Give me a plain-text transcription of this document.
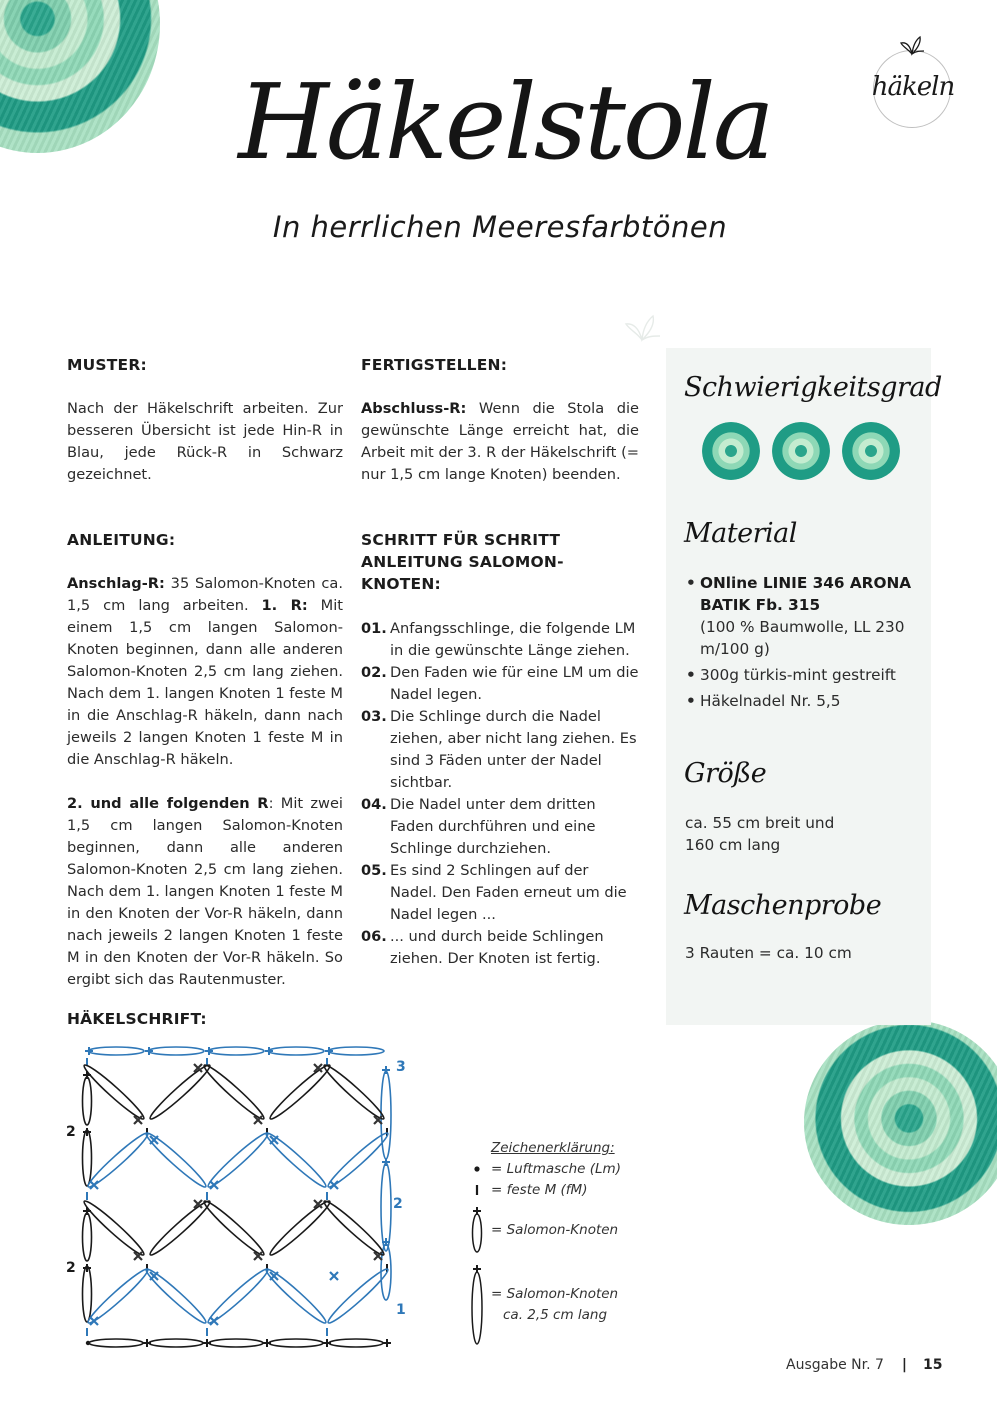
häkeln
Häkelstola
In herrlichen Meeresfarbtönen
MUSTER:

Nach der Häkelschrift arbeiten. Zur besseren Übersicht ist jede Hin-R in Blau, jede Rück-R in Schwarz gezeichnet.

ANLEITUNG:

Anschlag-R: 35 Salomon-Knoten ca. 1,5 cm lang arbeiten. 1. R: Mit einem 1,5 cm langen Salomon-Knoten beginnen, dann alle anderen Salomon-Knoten 2,5 cm lang ziehen. Nach dem 1. langen Knoten 1 feste M in die Anschlag-R häkeln, dann nach jeweils 2 langen Knoten 1 feste M in die Anschlag-R häkeln.

2. und alle folgenden R: Mit zwei 1,5 cm langen Salomon-Knoten beginnen, dann alle anderen Salomon-Knoten 2,5 cm lang ziehen. Nach dem 1. langen Knoten 1 feste M in den Knoten der Vor-R häkeln, dann nach jeweils 2 langen Knoten 1 feste M in den Knoten der Vor-R häkeln. So ergibt sich das Rautenmuster.

FERTIGSTELLEN:

Abschluss-R: Wenn die Stola die gewünschte Länge erreicht hat, die Arbeit mit der 3. R der Häkelschrift (= nur 1,5 cm lange Knoten) beenden.

SCHRITT FÜR SCHRITT ANLEITUNG SALOMON-KNOTEN:
01. Anfangsschlinge, die folgende LM in die gewünschte Länge ziehen.
02. Den Faden wie für eine LM um die Nadel legen.
03. Die Schlinge durch die Nadel ziehen, aber nicht lang ziehen. Es sind 3 Fäden unter der Nadel sichtbar.
04. Die Nadel unter dem dritten Faden durchführen und eine Schlinge durchziehen.
05. Es sind 2 Schlingen auf der Nadel. Den Faden erneut um die Nadel legen ...
06. ... und durch beide Schlingen ziehen. Der Knoten ist fertig.
HÄKELSCHRIFT:
3
2
2
2
1
Zeichenerklärung:
= Luftmasche (Lm)
= feste M (fM)
= Salomon-Knoten
= Salomon-Knoten
ca. 2,5 cm lang
Schwierigkeitsgrad
Material
• ONline LINIE 346 ARONA BATIK Fb. 315
(100 % Baumwolle, LL 230 m/100 g)
• 300g türkis-mint gestreift
• Häkelnadel Nr. 5,5
Größe
ca. 55 cm breit und 160 cm lang
Maschenprobe
3 Rauten = ca. 10 cm
Ausgabe Nr. 7 | 15
